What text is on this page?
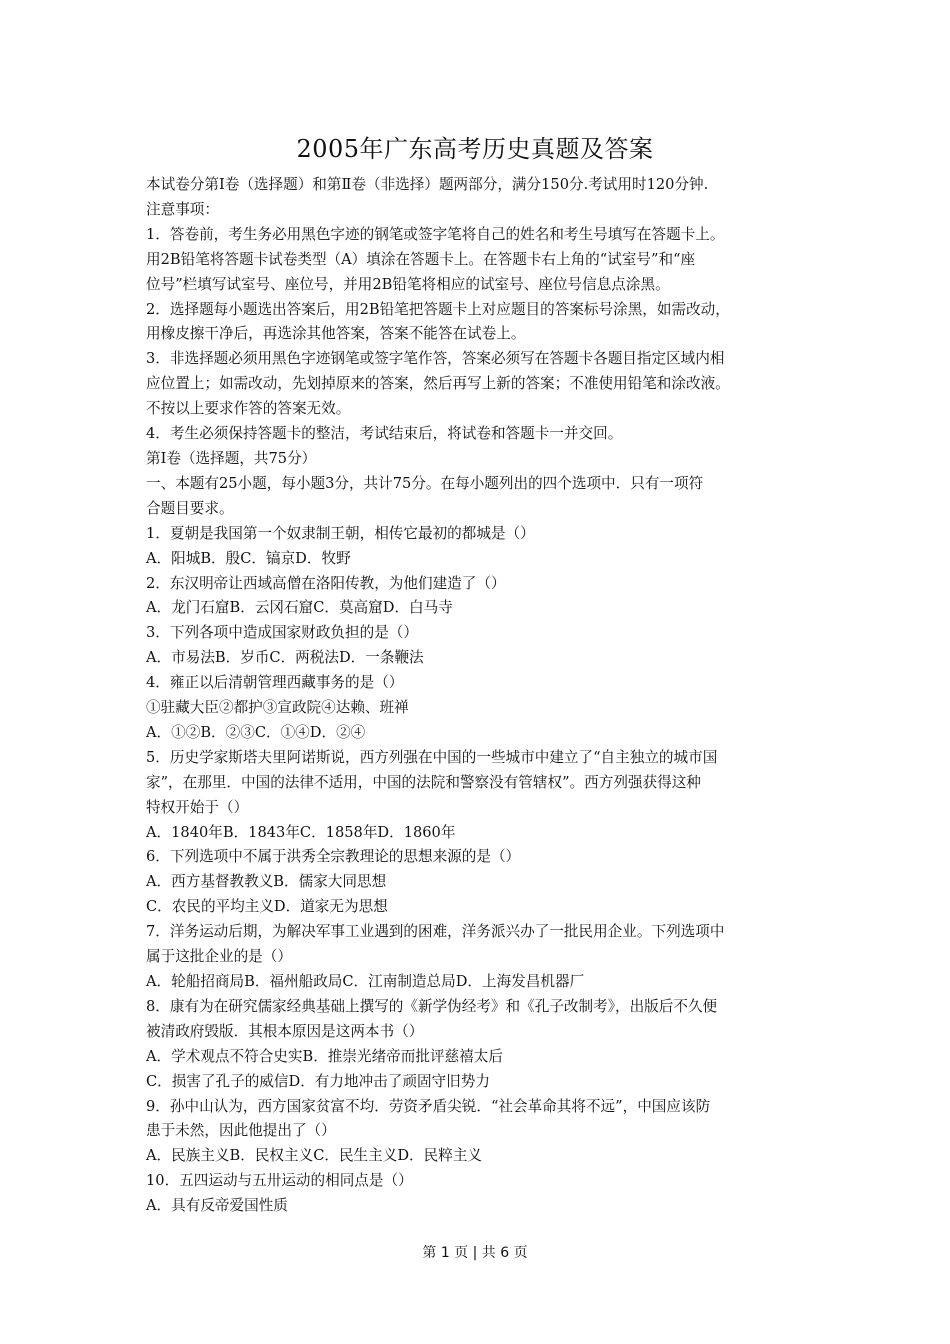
2005年广东高考历史真题及答案

本试卷分第Ⅰ卷（选择题）和第Ⅱ卷（非选择）题两部分，满分150分.考试用时120分钟.

注意事项：

1．答卷前，考生务必用黑色字迹的钢笔或签字笔将自己的姓名和考生号填写在答题卡上。

用2B铅笔将答题卡试卷类型（A）填涂在答题卡上。在答题卡右上角的“试室号”和“座

位号”栏填写试室号、座位号，并用2B铅笔将相应的试室号、座位号信息点涂黑。

2．选择题每小题选出答案后，用2B铅笔把答题卡上对应题目的答案标号涂黑，如需改动，

用橡皮擦干净后，再选涂其他答案，答案不能答在试卷上。

3．非选择题必须用黑色字迹钢笔或签字笔作答，答案必须写在答题卡各题目指定区域内相

应位置上；如需改动，先划掉原来的答案，然后再写上新的答案；不准使用铅笔和涂改液。

不按以上要求作答的答案无效。

4．考生必须保持答题卡的整洁，考试结束后，将试卷和答题卡一并交回。

第Ⅰ卷（选择题，共75分）

一、本题有25小题，每小题3分，共计75分。在每小题列出的四个选项中．只有一项符

合题目要求。

1．夏朝是我国第一个奴隶制王朝，相传它最初的都城是（）

A．阳城B．殷C．镐京D．牧野

2．东汉明帝让西域高僧在洛阳传教，为他们建造了（）

A．龙门石窟B．云冈石窟C．莫高窟D．白马寺

3．下列各项中造成国家财政负担的是（）

A．市易法B．岁币C．两税法D．一条鞭法

4．雍正以后清朝管理西藏事务的是（）

①驻藏大臣②都护③宣政院④达赖、班禅

A．①②B．②③C．①④D．②④

5．历史学家斯塔夫里阿诺斯说，西方列强在中国的一些城市中建立了“自主独立的城市国

家”，在那里．中国的法律不适用，中国的法院和警察没有管辖权”。西方列强获得这种

特权开始于（）

A．1840年B．1843年C．1858年D．1860年

6．下列选项中不属于洪秀全宗教理论的思想来源的是（）

A．西方基督教教义B．儒家大同思想

C．农民的平均主义D．道家无为思想

7．洋务运动后期，为解决军事工业遇到的困难，洋务派兴办了一批民用企业。下列选项中

属于这批企业的是（）

A．轮船招商局B．福州船政局C．江南制造总局D．上海发昌机器厂

8．康有为在研究儒家经典基础上撰写的《新学伪经考》和《孔子改制考》，出版后不久便

被清政府毁版．其根本原因是这两本书（）

A．学术观点不符合史实B．推崇光绪帝而批评慈禧太后

C．损害了孔子的威信D．有力地冲击了顽固守旧势力

9．孙中山认为，西方国家贫富不均．劳资矛盾尖锐．“社会革命其将不远”，中国应该防

患于未然，因此他提出了（）

A．民族主义B．民权主义C．民生主义D．民粹主义

10．五四运动与五卅运动的相同点是（）

A．具有反帝爱国性质

第 1 页 | 共 6 页
